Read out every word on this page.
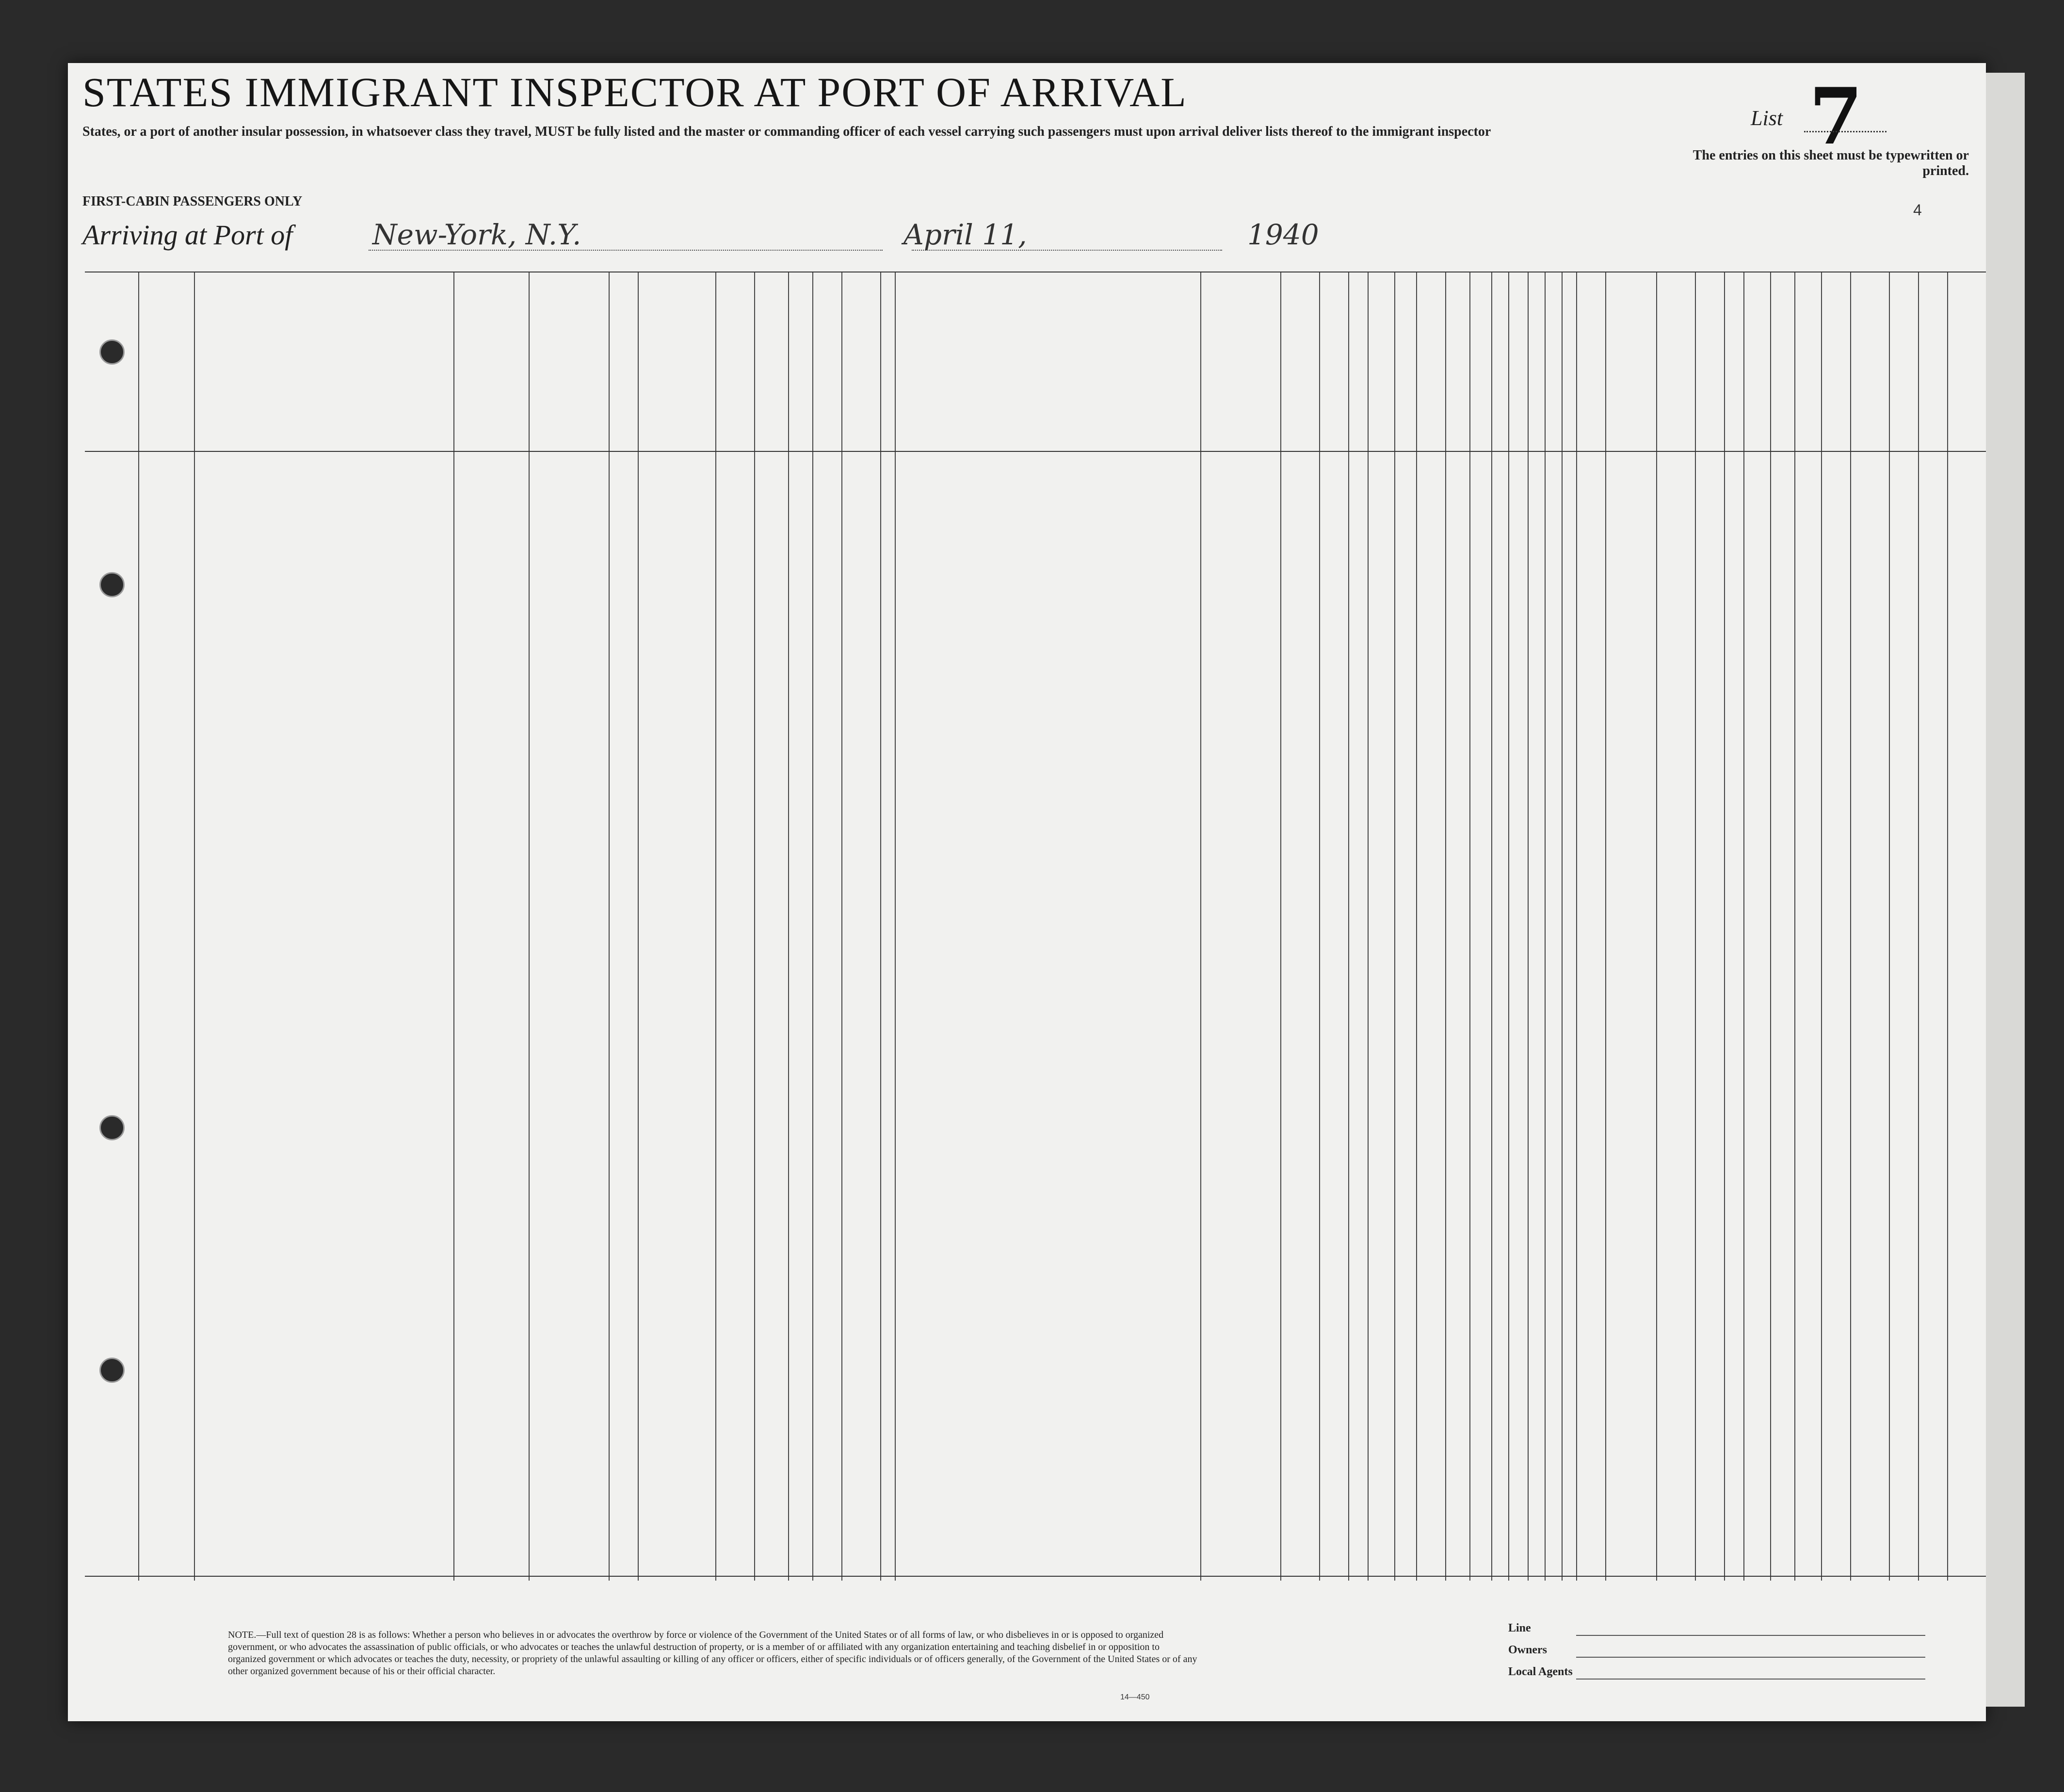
STATES IMMIGRANT INSPECTOR AT PORT OF ARRIVAL
States, or a port of another insular possession, in whatsoever class they travel, MUST be fully listed and the master or commanding officer of each vessel carrying such passengers must upon arrival deliver lists thereof to the immigrant inspector
FIRST-CABIN PASSENGERS ONLY
Arriving at Port of	New-York, N.Y.	April 11,	1940
List 7
The entries on this sheet must be typewritten or printed.
4
NOTE.—Full text of question 28 is as follows: Whether a person who believes in or advocates the overthrow by force or violence of the Government of the United States or of all forms of law, or who disbelieves in or is opposed to organized government, or who advocates the assassination of public officials, or who advocates or teaches the unlawful destruction of property, or is a member of or affiliated with any organization entertaining and teaching disbelief in or opposition to organized government or which advocates or teaches the duty, necessity, or propriety of the unlawful assaulting or killing of any officer or officers, either of specific individuals or of officers generally, of the Government of the United States or of any other organized government because of his or their official character.
Line
Owners
Local Agents
14—450
